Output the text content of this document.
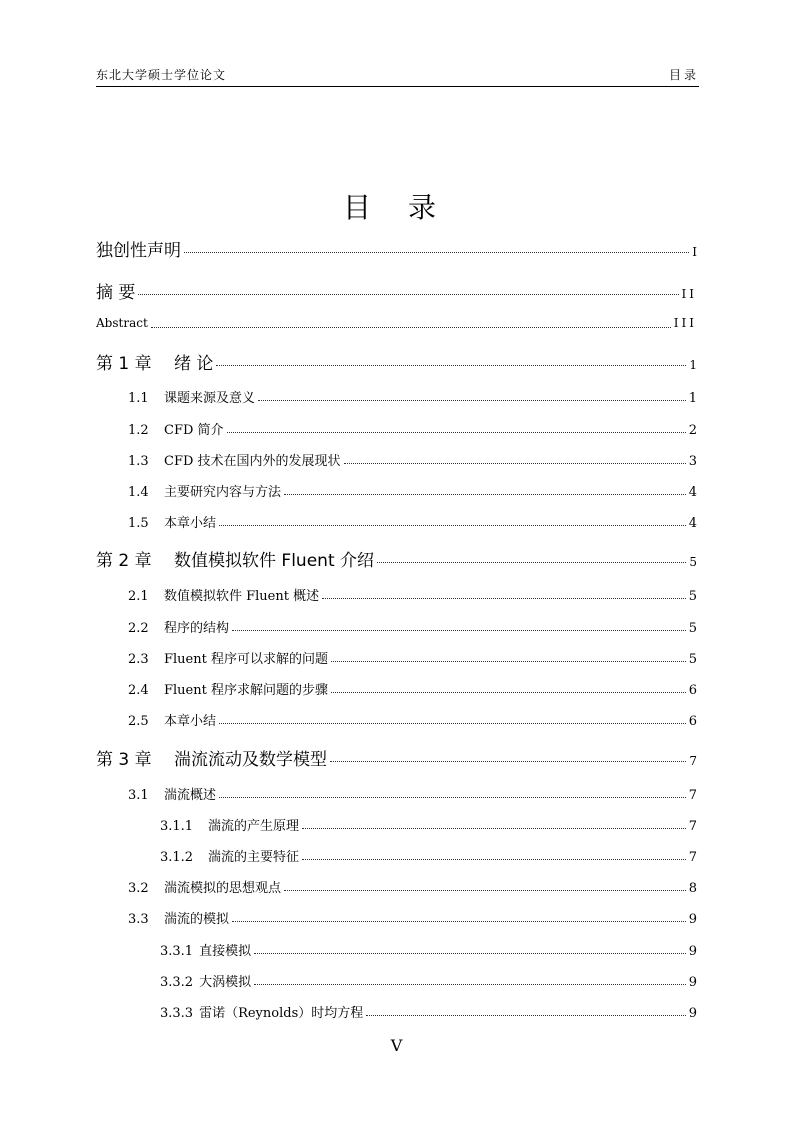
东北大学硕士学位论文	目录
目 录
独创性声明	I
摘 要	II
Abstract	III
第 1 章　 绪 论	1
1.1	课题来源及意义	1
1.2	CFD 简介	2
1.3	CFD 技术在国内外的发展现状	3
1.4	主要研究内容与方法	4
1.5	本章小结	4
第 2 章　 数值模拟软件 Fluent 介绍	5
2.1	数值模拟软件 Fluent 概述	5
2.2	程序的结构	5
2.3	Fluent 程序可以求解的问题	5
2.4	Fluent 程序求解问题的步骤	6
2.5	本章小结	6
第 3 章　 湍流流动及数学模型	7
3.1	湍流概述	7
3.1.1	湍流的产生原理	7
3.1.2	湍流的主要特征	7
3.2	湍流模拟的思想观点	8
3.3	湍流的模拟	9
3.3.1 直接模拟	9
3.3.2 大涡模拟	9
3.3.3 雷诺（Reynolds）时均方程	9
V
